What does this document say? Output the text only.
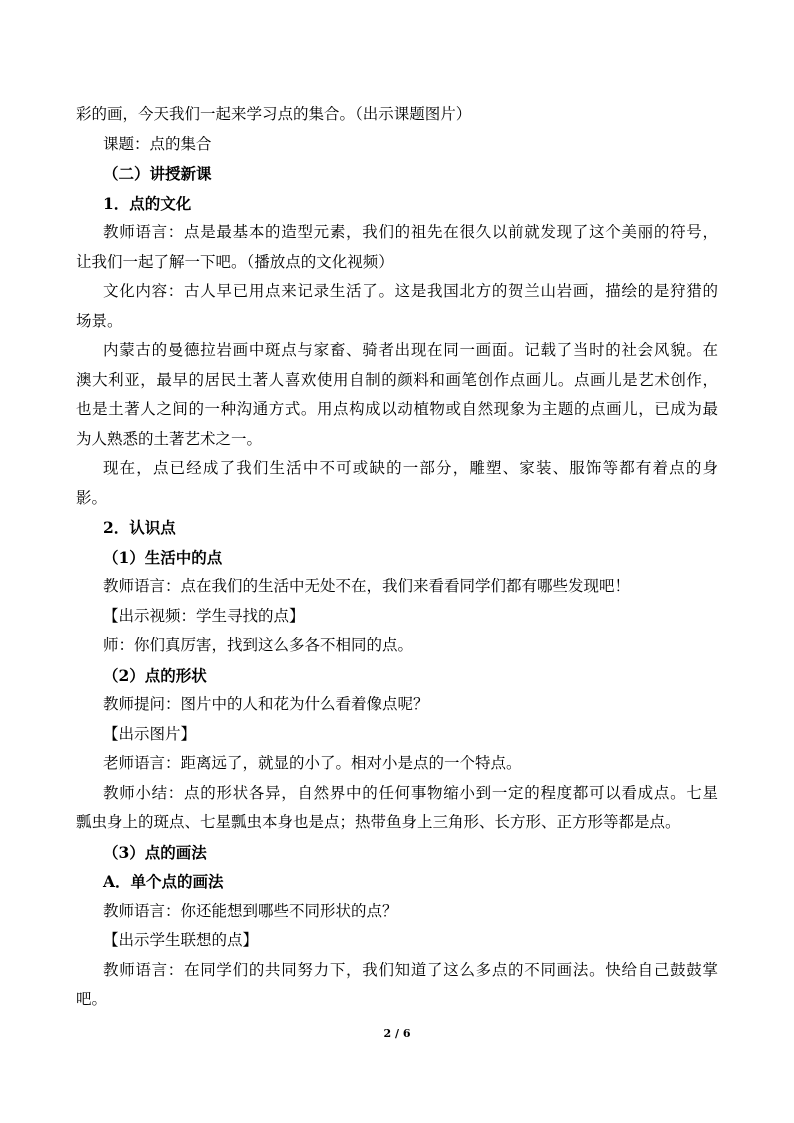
彩的画，今天我们一起来学习点的集合。（出示课题图片）
课题：点的集合
（二）讲授新课
1．点的文化
教师语言：点是最基本的造型元素，我们的祖先在很久以前就发现了这个美丽的符号，
让我们一起了解一下吧。（播放点的文化视频）
文化内容：古人早已用点来记录生活了。这是我国北方的贺兰山岩画，描绘的是狩猎的
场景。
内蒙古的曼德拉岩画中斑点与家畜、骑者出现在同一画面。记载了当时的社会风貌。在
澳大利亚，最早的居民土著人喜欢使用自制的颜料和画笔创作点画儿。点画儿是艺术创作，
也是土著人之间的一种沟通方式。用点构成以动植物或自然现象为主题的点画儿，已成为最
为人熟悉的土著艺术之一。
现在，点已经成了我们生活中不可或缺的一部分，雕塑、家装、服饰等都有着点的身
影。
2．认识点
（1）生活中的点
教师语言：点在我们的生活中无处不在，我们来看看同学们都有哪些发现吧！
【出示视频：学生寻找的点】
师：你们真厉害，找到这么多各不相同的点。
（2）点的形状
教师提问：图片中的人和花为什么看着像点呢？
【出示图片】
老师语言：距离远了，就显的小了。相对小是点的一个特点。
教师小结：点的形状各异，自然界中的任何事物缩小到一定的程度都可以看成点。七星
瓢虫身上的斑点、七星瓢虫本身也是点；热带鱼身上三角形、长方形、正方形等都是点。
（3）点的画法
A．单个点的画法
教师语言：你还能想到哪些不同形状的点？
【出示学生联想的点】
教师语言：在同学们的共同努力下，我们知道了这么多点的不同画法。快给自己鼓鼓掌
吧。
2 / 6
